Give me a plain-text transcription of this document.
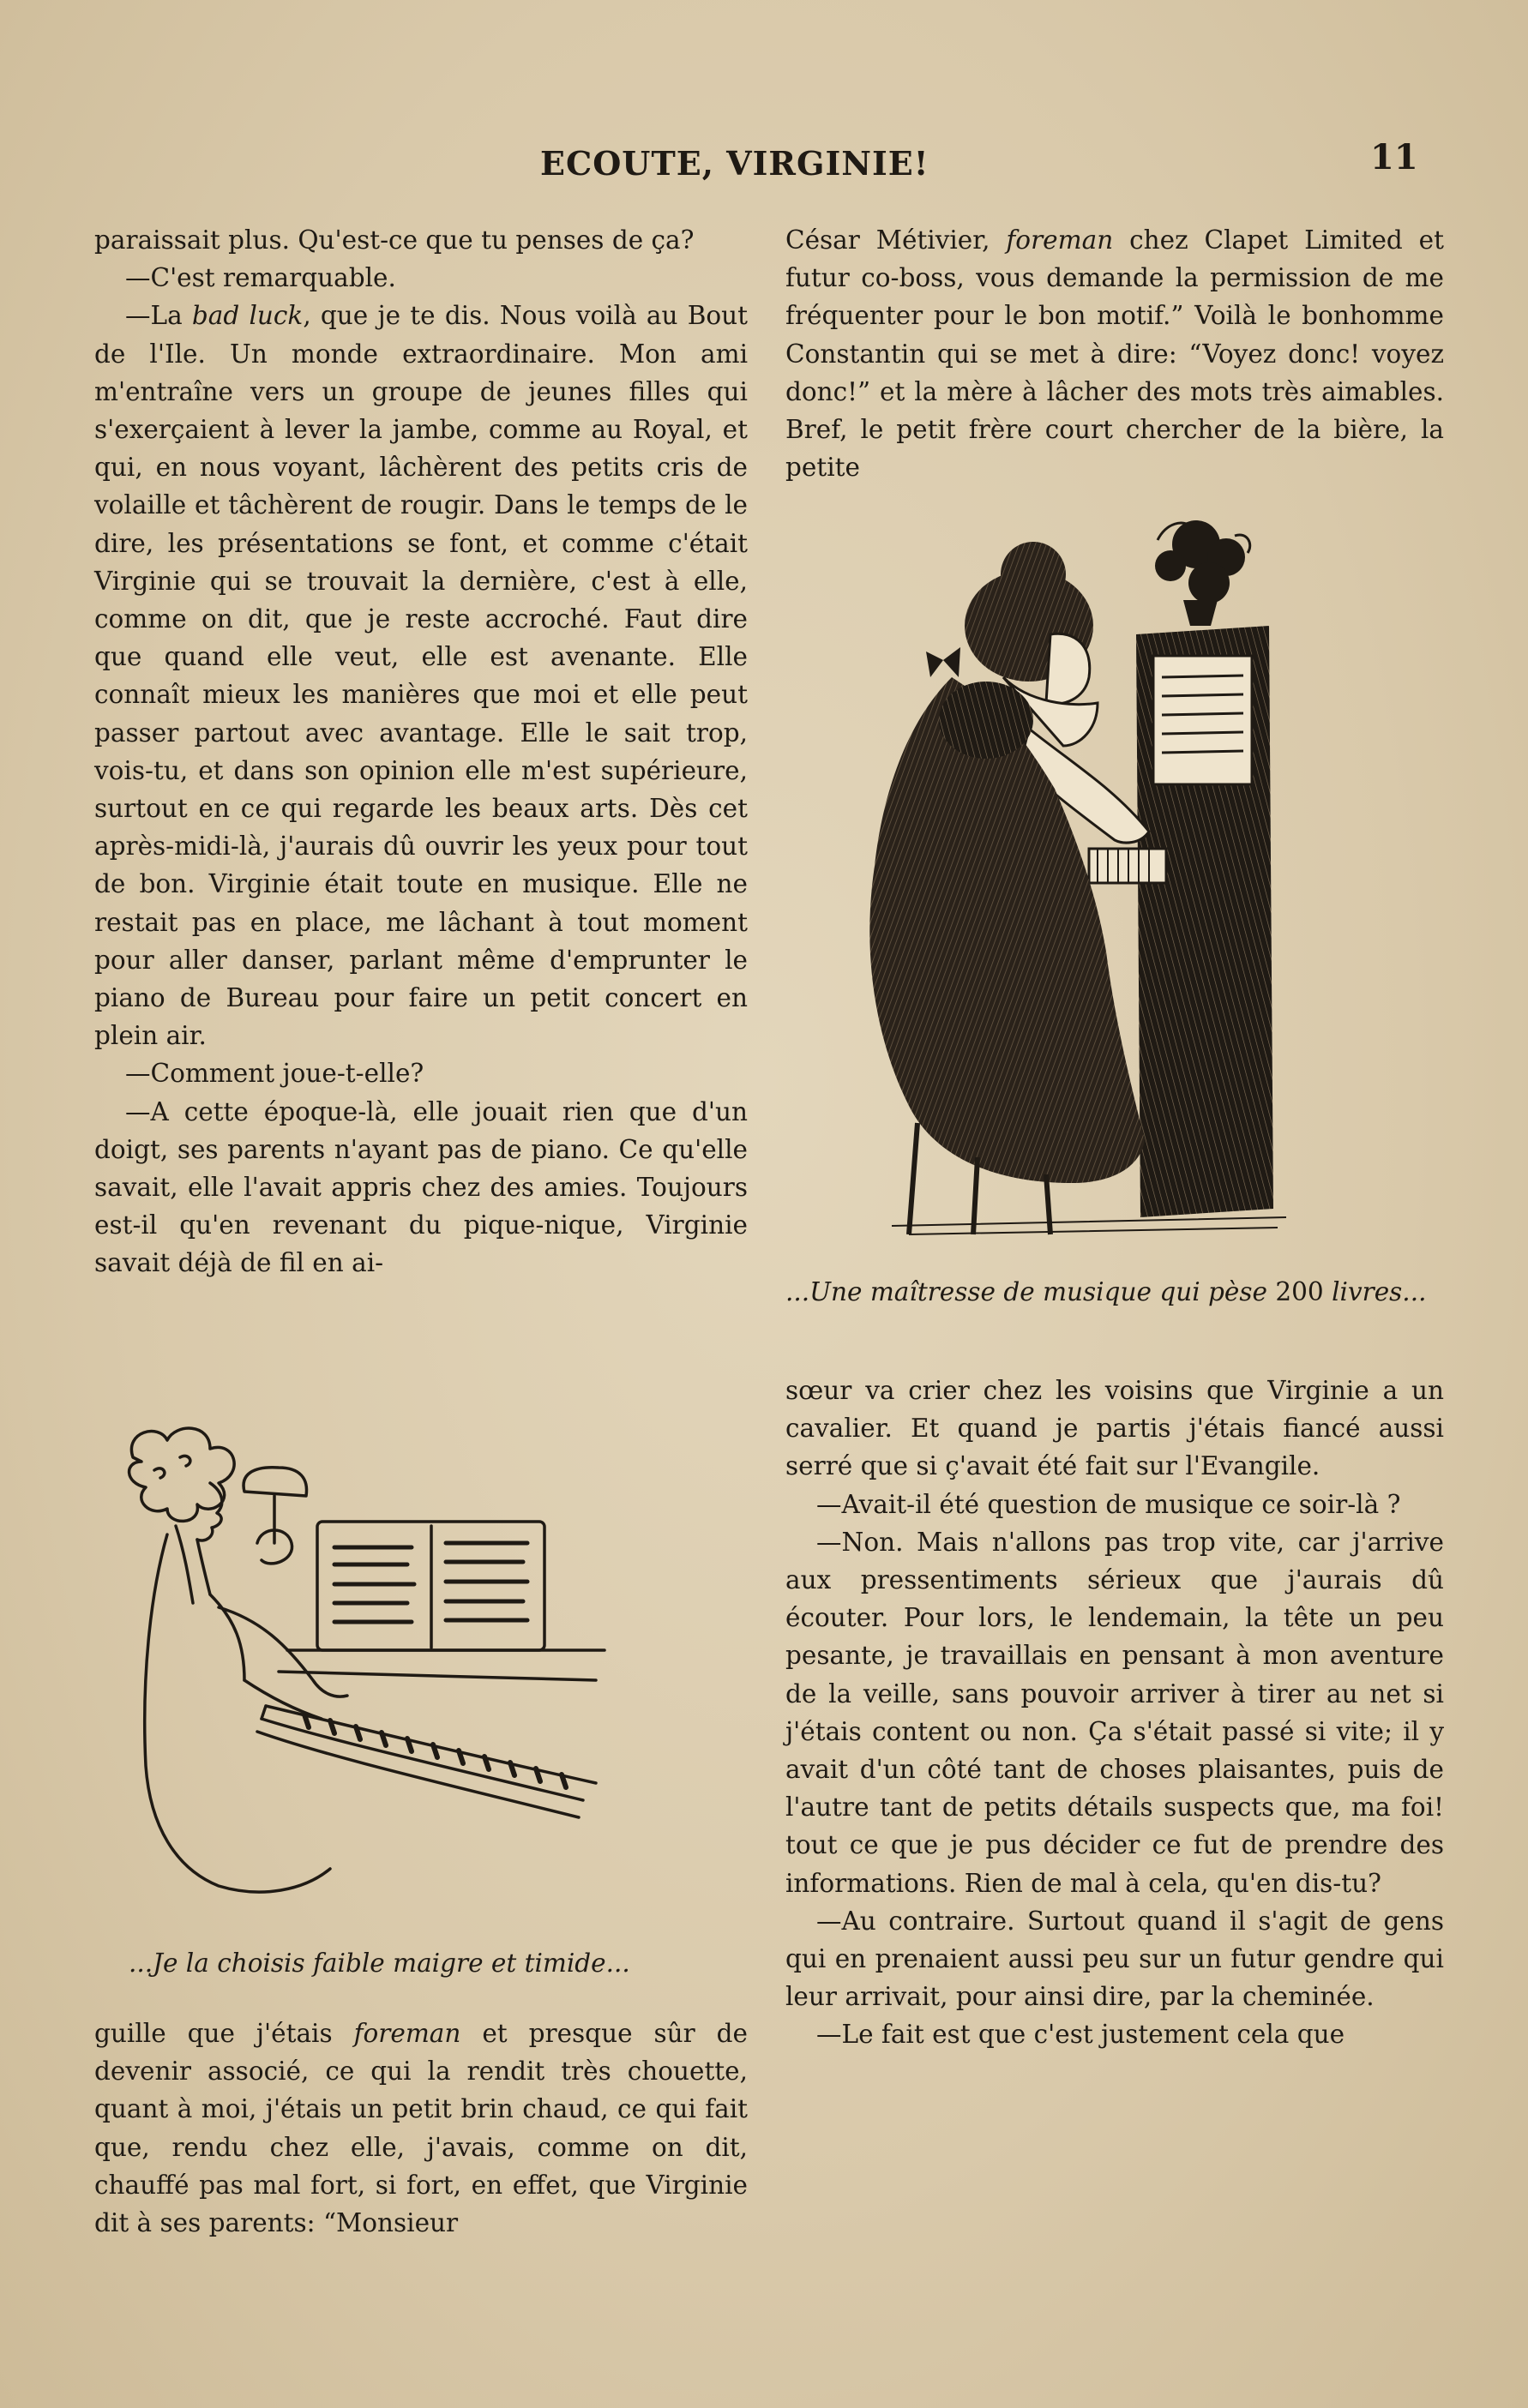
ECOUTE, VIRGINIE!	11

paraissait plus. Qu'est-ce que tu penses de ça?

—C'est remarquable.

—La bad luck, que je te dis. Nous voilà au Bout de l'Ile. Un monde extraordinaire. Mon ami m'entraîne vers un groupe de jeunes filles qui s'exerçaient à lever la jambe, comme au Royal, et qui, en nous voyant, lâchèrent des petits cris de volaille et tâchèrent de rougir. Dans le temps de le dire, les présentations se font, et comme c'était Virginie qui se trouvait la dernière, c'est à elle, comme on dit, que je reste accroché. Faut dire que quand elle veut, elle est avenante. Elle connaît mieux les manières que moi et elle peut passer partout avec avantage. Elle le sait trop, vois-tu, et dans son opinion elle m'est supérieure, surtout en ce qui regarde les beaux arts. Dès cet après-midi-là, j'aurais dû ouvrir les yeux pour tout de bon. Virginie était toute en musique. Elle ne restait pas en place, me lâchant à tout moment pour aller danser, parlant même d'emprunter le piano de Bureau pour faire un petit concert en plein air.

—Comment joue-t-elle?

—A cette époque-là, elle jouait rien que d'un doigt, ses parents n'ayant pas de piano. Ce qu'elle savait, elle l'avait appris chez des amies. Toujours est-il qu'en revenant du pique-nique, Virginie savait déjà de fil en ai-

...Je la choisis faible maigre et timide...

guille que j'étais foreman et presque sûr de devenir associé, ce qui la rendit très chouette, quant à moi, j'étais un petit brin chaud, ce qui fait que, rendu chez elle, j'avais, comme on dit, chauffé pas mal fort, si fort, en effet, que Virginie dit à ses parents: “Monsieur

César Métivier, foreman chez Clapet Limited et futur co-boss, vous demande la permission de me fréquenter pour le bon motif.” Voilà le bonhomme Constantin qui se met à dire: “Voyez donc! voyez donc!” et la mère à lâcher des mots très aimables. Bref, le petit frère court chercher de la bière, la petite

...Une maîtresse de musique qui pèse 200 livres...

sœur va crier chez les voisins que Virginie a un cavalier. Et quand je partis j'étais fiancé aussi serré que si ç'avait été fait sur l'Evangile.

—Avait-il été question de musique ce soir-là ?

—Non. Mais n'allons pas trop vite, car j'arrive aux pressentiments sérieux que j'aurais dû écouter. Pour lors, le lendemain, la tête un peu pesante, je travaillais en pensant à mon aventure de la veille, sans pouvoir arriver à tirer au net si j'étais content ou non. Ça s'était passé si vite; il y avait d'un côté tant de choses plaisantes, puis de l'autre tant de petits détails suspects que, ma foi! tout ce que je pus décider ce fut de prendre des informations. Rien de mal à cela, qu'en dis-tu?

—Au contraire. Surtout quand il s'agit de gens qui en prenaient aussi peu sur un futur gendre qui leur arrivait, pour ainsi dire, par la cheminée.

—Le fait est que c'est justement cela que
